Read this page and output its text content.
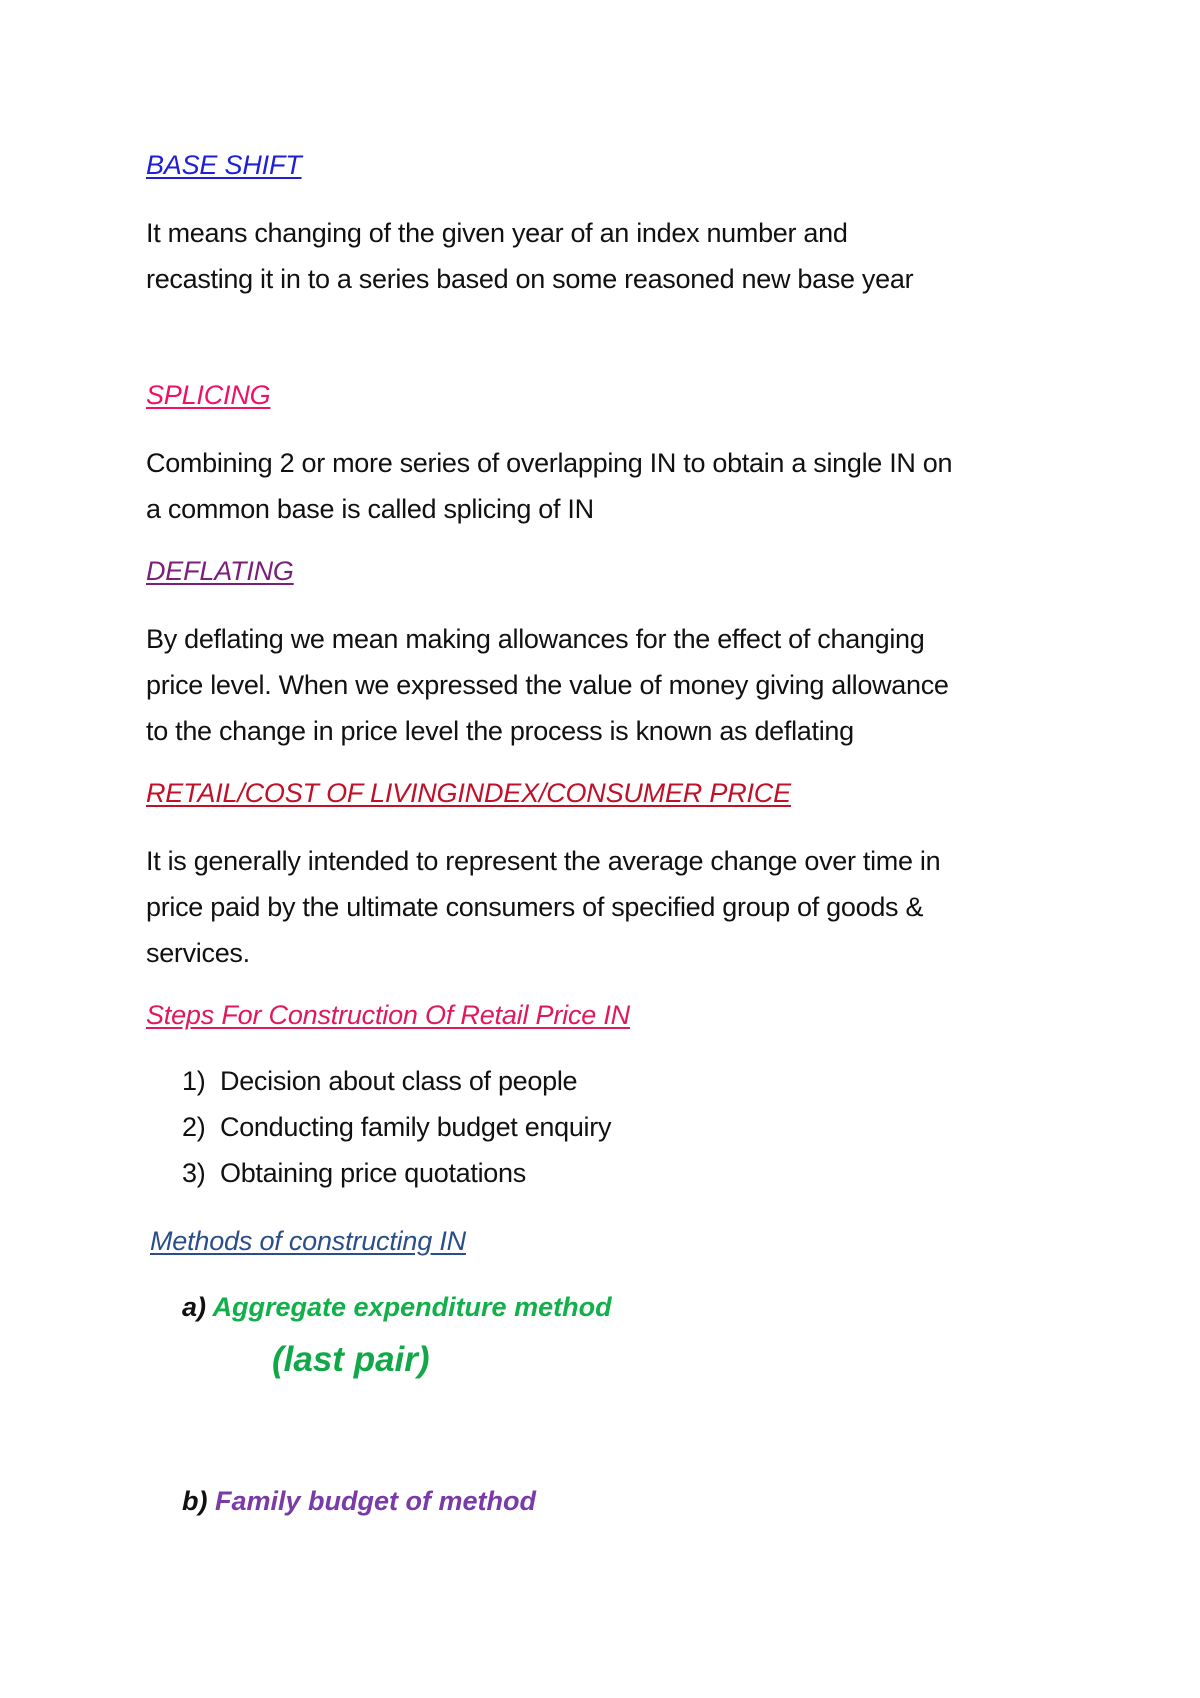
BASE SHIFT

It means changing of the given year of an index number and
recasting it in to a series based on some reasoned new base year

SPLICING

Combining 2 or more series of overlapping IN to obtain a single IN on
a common base is called splicing of IN

DEFLATING

By deflating we mean making allowances for the effect of changing
price level. When we expressed the value of money giving allowance
to the change in price level the process is known as deflating

RETAIL/COST OF LIVINGINDEX/CONSUMER PRICE

It is generally intended to represent the average change over time in
price paid by the ultimate consumers of specified group of goods &
services.

Steps For Construction Of Retail Price IN
1) Decision about class of people
2) Conducting family budget enquiry
3) Obtaining price quotations
Methods of constructing IN
a) Aggregate expenditure method
(last pair)
b) Family budget of method
